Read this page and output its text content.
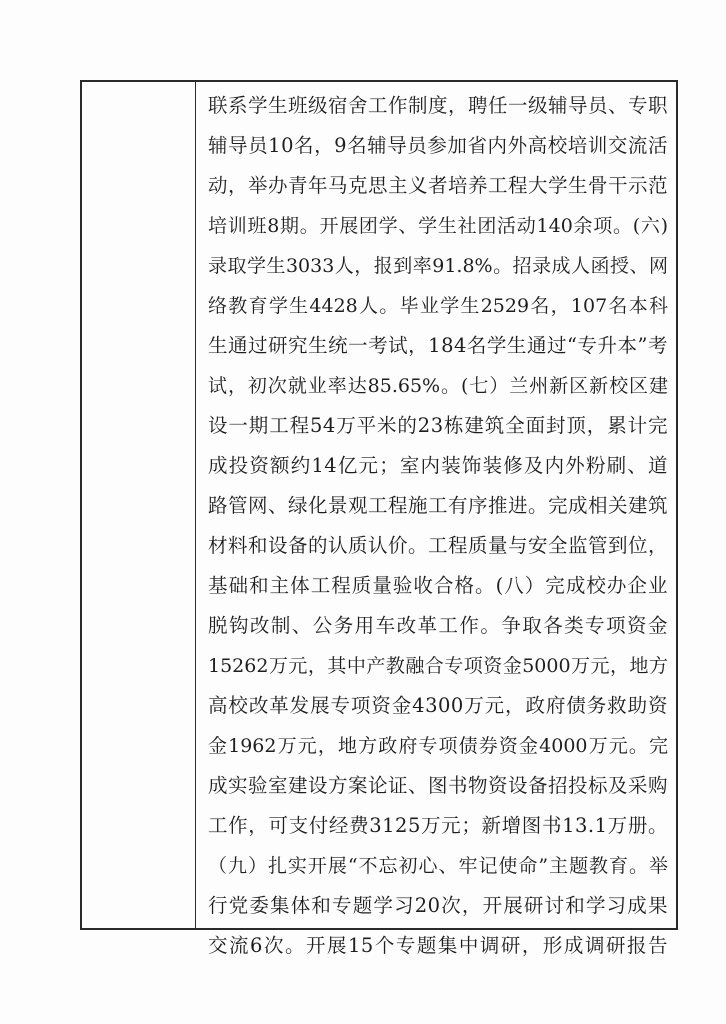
联系学生班级宿舍工作制度，聘任一级辅导员、专职
辅导员10名，9名辅导员参加省内外高校培训交流活
动，举办青年马克思主义者培养工程大学生骨干示范
培训班8期。开展团学、学生社团活动140余项。(六)
录取学生3033人，报到率91.8%。招录成人函授、网
络教育学生4428人。毕业学生2529名，107名本科
生通过研究生统一考试，184名学生通过“专升本”考
试，初次就业率达85.65%。(七）兰州新区新校区建
设一期工程54万平米的23栋建筑全面封顶，累计完
成投资额约14亿元；室内装饰装修及内外粉刷、道
路管网、绿化景观工程施工有序推进。完成相关建筑
材料和设备的认质认价。工程质量与安全监管到位，
基础和主体工程质量验收合格。(八）完成校办企业
脱钩改制、公务用车改革工作。争取各类专项资金
15262万元，其中产教融合专项资金5000万元，地方
高校改革发展专项资金4300万元，政府债务救助资
金1962万元，地方政府专项债券资金4000万元。完
成实验室建设方案论证、图书物资设备招投标及采购
工作，可支付经费3125万元；新增图书13.1万册。
（九）扎实开展“不忘初心、牢记使命”主题教育。举
行党委集体和专题学习20次，开展研讨和学习成果
交流6次。开展15个专题集中调研，形成调研报告
